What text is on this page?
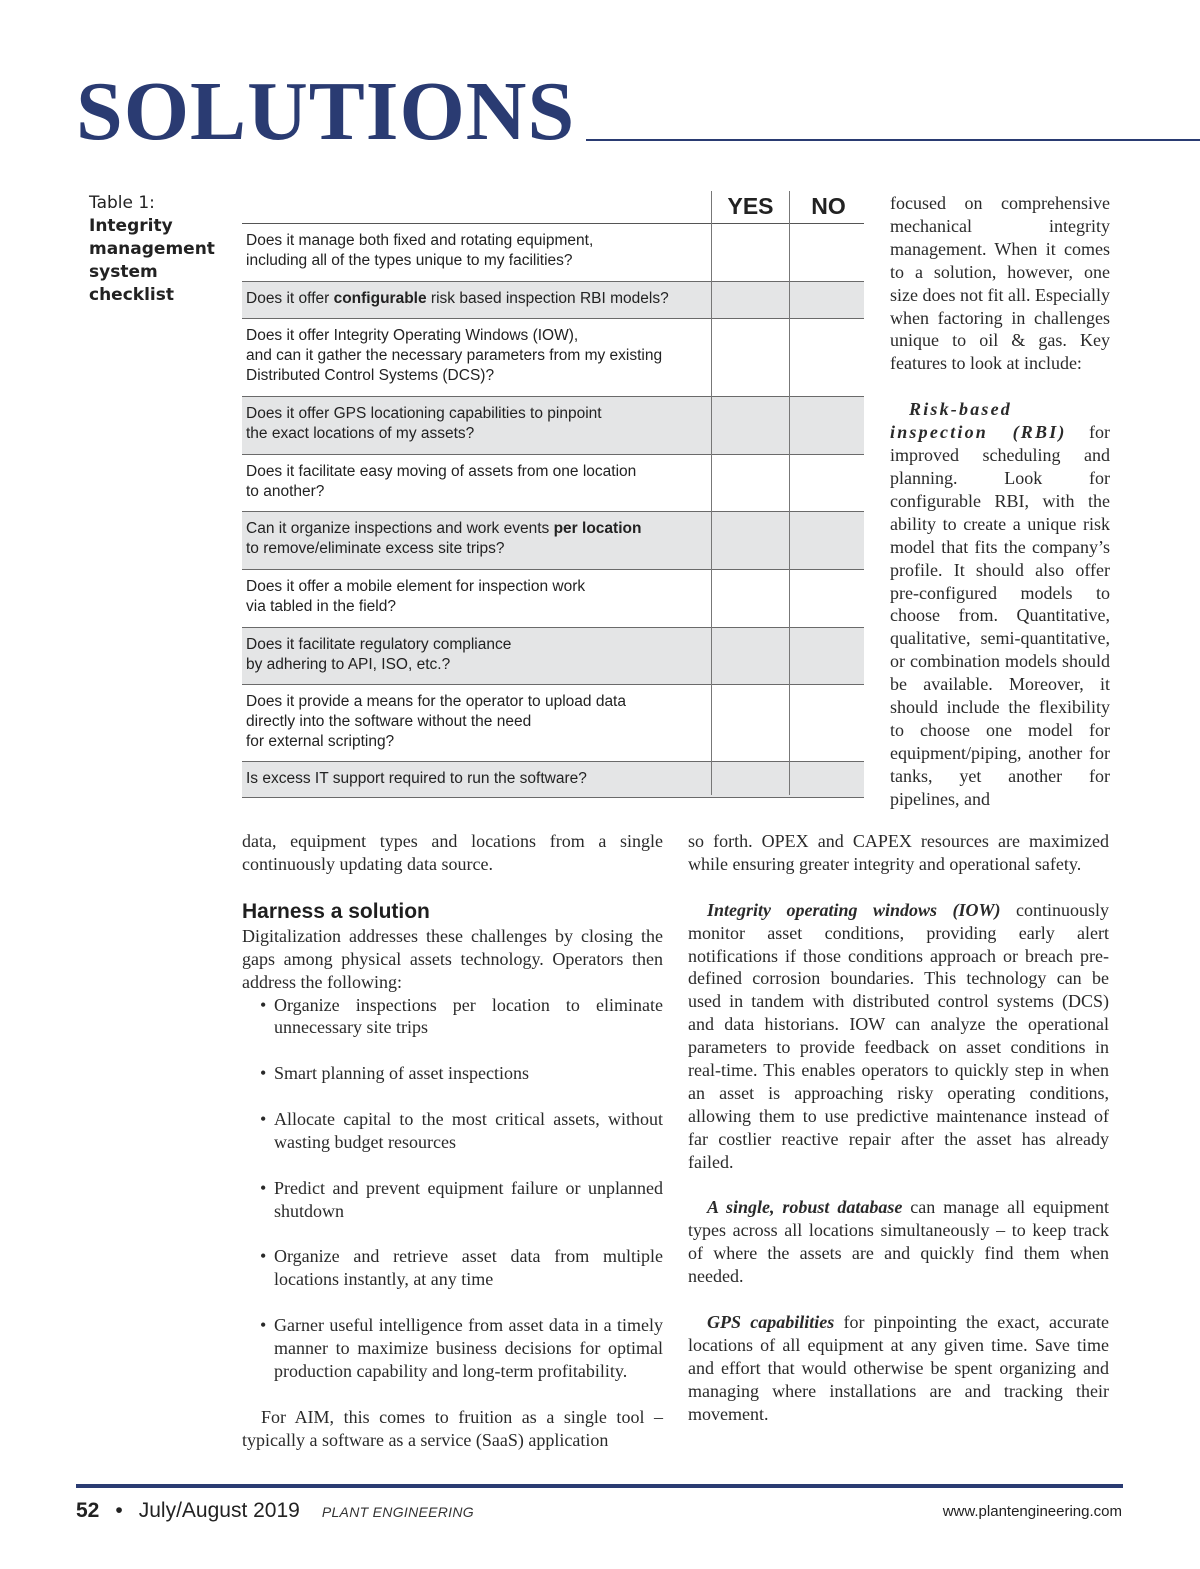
SOLUTIONS
Table 1:
Integrity management system checklist
YES	NO
Does it manage both fixed and rotating equipment,
including all of the types unique to my facilities?
Does it offer configurable risk based inspection RBI models?
Does it offer Integrity Operating Windows (IOW),
and can it gather the necessary parameters from my existing
Distributed Control Systems (DCS)?
Does it offer GPS locationing capabilities to pinpoint
the exact locations of my assets?
Does it facilitate easy moving of assets from one location
to another?
Can it organize inspections and work events per location
to remove/eliminate excess site trips?
Does it offer a mobile element for inspection work
via tabled in the field?
Does it facilitate regulatory compliance
by adhering to API, ISO, etc.?
Does it provide a means for the operator to upload data
directly into the software without the need
for external scripting?
Is excess IT support required to run the software?

focused on comprehensive mechanical integrity management. When it comes to a solution, however, one size does not fit all. Especially when factoring in challenges unique to oil & gas. Key features to look at include:

Risk-based inspection (RBI) for improved scheduling and planning. Look for configurable RBI, with the ability to create a unique risk model that fits the company’s profile. It should also offer pre-configured models to choose from. Quantitative, qualitative, semi-quantitative, or combination models should be available. Moreover, it should include the flexibility to choose one model for equipment/piping, another for tanks, yet another for pipelines, and

data, equipment types and locations from a single continuously updating data source.

Harness a solution

Digitalization addresses these challenges by closing the gaps among physical assets technology. Operators then address the following:

• Organize inspections per location to eliminate unnecessary site trips
• Smart planning of asset inspections
• Allocate capital to the most critical assets, without wasting budget resources
• Predict and prevent equipment failure or unplanned shutdown
• Organize and retrieve asset data from multiple locations instantly, at any time
• Garner useful intelligence from asset data in a timely manner to maximize business decisions for optimal production capability and long-term profitability.

For AIM, this comes to fruition as a single tool – typically a software as a service (SaaS) application

so forth. OPEX and CAPEX resources are maximized while ensuring greater integrity and operational safety.

Integrity operating windows (IOW) continuously monitor asset conditions, providing early alert notifications if those conditions approach or breach pre-defined corrosion boundaries. This technology can be used in tandem with distributed control systems (DCS) and data historians. IOW can analyze the operational parameters to provide feedback on asset conditions in real-time. This enables operators to quickly step in when an asset is approaching risky operating conditions, allowing them to use predictive maintenance instead of far costlier reactive repair after the asset has already failed.

A single, robust database can manage all equipment types across all locations simultaneously – to keep track of where the assets are and quickly find them when needed.

GPS capabilities for pinpointing the exact, accurate locations of all equipment at any given time. Save time and effort that would otherwise be spent organizing and managing where installations are and tracking their movement.

52 • July/August 2019 PLANT ENGINEERING	www.plantengineering.com
